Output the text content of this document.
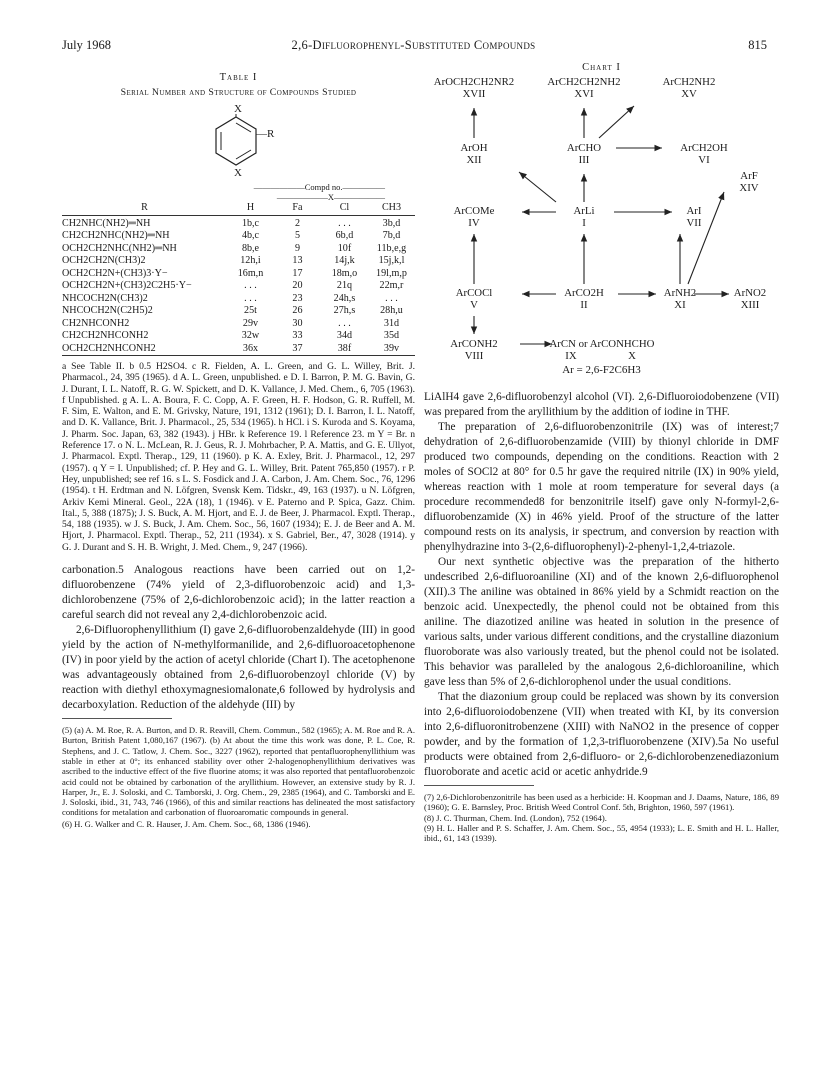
July 1968	2,6-Difluorophenyl-Substituted Compounds	815
Table I
Serial Number and Structure of Compounds Studied
X
—R
X
——————Compd no.—————
——————X——————
R	H	Fa	Cl	CH3

CH2NHC(NH2)═NH	1b,c	2	. . .	3b,d
CH2CH2NHC(NH2)═NH	4b,c	5	6b,d	7b,d
OCH2CH2NHC(NH2)═NH	8b,e	9	10f	11b,e,g
OCH2CH2N(CH3)2	12h,i	13	14j,k	15j,k,l
OCH2CH2N+(CH3)3·Y−	16m,n	17	18m,o	19l,m,p
OCH2CH2N+(CH3)2C2H5·Y−	. . .	20	21q	22m,r
NHCOCH2N(CH3)2	. . .	23	24h,s	. . .
NHCOCH2N(C2H5)2	25t	26	27h,s	28h,u
CH2NHCONH2	29v	30	. . .	31d
CH2CH2NHCONH2	32w	33	34d	35d
OCH2CH2NHCONH2	36x	37	38f	39v

a See Table II. b 0.5 H2SO4. c R. Fielden, A. L. Green, and G. L. Willey, Brit. J. Pharmacol., 24, 395 (1965). d A. L. Green, unpublished. e D. I. Barron, P. M. G. Bavin, G. J. Durant, I. L. Natoff, R. G. W. Spickett, and D. K. Vallance, J. Med. Chem., 6, 705 (1963). f Unpublished. g A. L. A. Boura, F. C. Copp, A. F. Green, H. F. Hodson, G. R. Ruffell, M. F. Sim, E. Walton, and E. M. Grivsky, Nature, 191, 1312 (1961); D. I. Barron, I. L. Natoff, and D. K. Vallance, Brit. J. Pharmacol., 25, 534 (1965). h HCl. i S. Kuroda and S. Koyama, J. Pharm. Soc. Japan, 63, 382 (1943). j HBr. k Reference 19. l Reference 23. m Y = Br. n Reference 17. o N. L. McLean, R. J. Geus, R. J. Mohrbacher, P. A. Mattis, and G. E. Ullyot, J. Pharmacol. Exptl. Therap., 129, 11 (1960). p K. A. Exley, Brit. J. Pharmacol., 12, 297 (1957). q Y = I. Unpublished; cf. P. Hey and G. L. Willey, Brit. Patent 765,850 (1957). r P. Hey, unpublished; see ref 16. s L. S. Fosdick and J. A. Carbon, J. Am. Chem. Soc., 76, 1296 (1954). t H. Erdtman and N. Löfgren, Svensk Kem. Tidskr., 49, 163 (1937). u N. Löfgren, Arkiv Kemi Mineral. Geol., 22A (18), 1 (1946). v E. Paterno and P. Spica, Gazz. Chim. Ital., 5, 388 (1875); J. S. Buck, A. M. Hjort, and E. J. de Beer, J. Pharmacol. Exptl. Therap., 54, 188 (1935). w J. S. Buck, J. Am. Chem. Soc., 56, 1607 (1934); E. J. de Beer and A. M. Hjort, J. Pharmacol. Exptl. Therap., 52, 211 (1934). x S. Gabriel, Ber., 47, 3028 (1914). y G. J. Durant and S. H. B. Wright, J. Med. Chem., 9, 247 (1966).

carbonation.5 Analogous reactions have been carried out on 1,2-difluorobenzene (74% yield of 2,3-difluorobenzoic acid) and 1,3-dichlorobenzene (75% of 2,6-dichlorobenzoic acid); in the latter reaction a careful search did not reveal any 2,4-dichlorobenzoic acid.

2,6-Difluorophenyllithium (I) gave 2,6-difluorobenzaldehyde (III) in good yield by the action of N-methylformanilide, and 2,6-difluoroacetophenone (IV) in poor yield by the action of acetyl chloride (Chart I). The acetophenone was advantageously obtained from 2,6-difluorobenzoyl chloride (V) by reaction with diethyl ethoxymagnesiomalonate,6 followed by hydrolysis and decarboxylation. Reduction of the aldehyde (III) by

(5) (a) A. M. Roe, R. A. Burton, and D. R. Reavill, Chem. Commun., 582 (1965); A. M. Roe and R. A. Burton, British Patent 1,080,167 (1967). (b) At about the time this work was done, P. L. Coe, R. Stephens, and J. C. Tatlow, J. Chem. Soc., 3227 (1962), reported that pentafluorophenyllithium was stable in ether at 0°; its enhanced stability over other 2-halogenophenyllithium derivatives was ascribed to the inductive effect of the five fluorine atoms; it was also reported that pentafluorobenzoic acid could not be obtained by carbonation of the aryllithium. However, an extensive study by R. J. Harper, Jr., E. J. Soloski, and C. Tamborski, J. Org. Chem., 29, 2385 (1964), and C. Tamborski and E. J. Soloski, ibid., 31, 743, 746 (1966), of this and similar reactions has delineated the most satisfactory conditions for metalation and carbonation of fluoroaromatic compounds in general.
(6) H. G. Walker and C. R. Hauser, J. Am. Chem. Soc., 68, 1386 (1946).
Chart I
ArOCH2CH2NR2
XVII
ArCH2CH2NH2
XVI
ArCH2NH2
XV
ArOH
XII
ArCHO
III
ArCH2OH
VI
ArF
XIV
ArCOMe
IV
ArLi
I
ArI
VII
ArCOCl
V
ArCO2H
II
ArNH2
XI
ArNO2
XIII
ArCONH2
VIII
ArCN or ArCONHCHO
IX	X
Ar = 2,6-F2C6H3

LiAlH4 gave 2,6-difluorobenzyl alcohol (VI). 2,6-Difluoroiodobenzene (VII) was prepared from the aryllithium by the addition of iodine in THF.

The preparation of 2,6-difluorobenzonitrile (IX) was of interest;7 dehydration of 2,6-difluorobenzamide (VIII) by thionyl chloride in DMF produced two compounds, depending on the conditions. Reaction with 2 moles of SOCl2 at 80° for 0.5 hr gave the required nitrile (IX) in 90% yield, whereas reaction with 1 mole at room temperature for several days (a procedure recommended8 for benzonitrile itself) gave only N-formyl-2,6-difluorobenzamide (X) in 46% yield. Proof of the structure of the latter compound rests on its analysis, ir spectrum, and conversion by reaction with phenylhydrazine into 3-(2,6-difluorophenyl)-2-phenyl-1,2,4-triazole.

Our next synthetic objective was the preparation of the hitherto undescribed 2,6-difluoroaniline (XI) and of the known 2,6-difluorophenol (XII).3 The aniline was obtained in 86% yield by a Schmidt reaction on the benzoic acid. Unexpectedly, the phenol could not be obtained from this aniline. The diazotized aniline was heated in solution in the presence of various salts, under various different conditions, and the crystalline diazonium fluoroborate was also variously treated, but the phenol could not be isolated. This behavior was paralleled by the analogous 2,6-dichloroaniline, which gave less than 5% of 2,6-dichlorophenol under the usual conditions.

That the diazonium group could be replaced was shown by its conversion into 2,6-difluoroiodobenzene (VII) when treated with KI, by its conversion into 2,6-difluoronitrobenzene (XIII) with NaNO2 in the presence of copper powder, and by the formation of 1,2,3-trifluorobenzene (XIV).5a No useful products were obtained from 2,6-difluoro- or 2,6-dichlorobenzenediazonium fluoroborate and acetic acid or acetic anhydride.9

(7) 2,6-Dichlorobenzonitrile has been used as a herbicide: H. Koopman and J. Daams, Nature, 186, 89 (1960); G. E. Barnsley, Proc. British Weed Control Conf. 5th, Brighton, 1960, 597 (1961).
(8) J. C. Thurman, Chem. Ind. (London), 752 (1964).
(9) H. L. Haller and P. S. Schaffer, J. Am. Chem. Soc., 55, 4954 (1933); L. E. Smith and H. L. Haller, ibid., 61, 143 (1939).
